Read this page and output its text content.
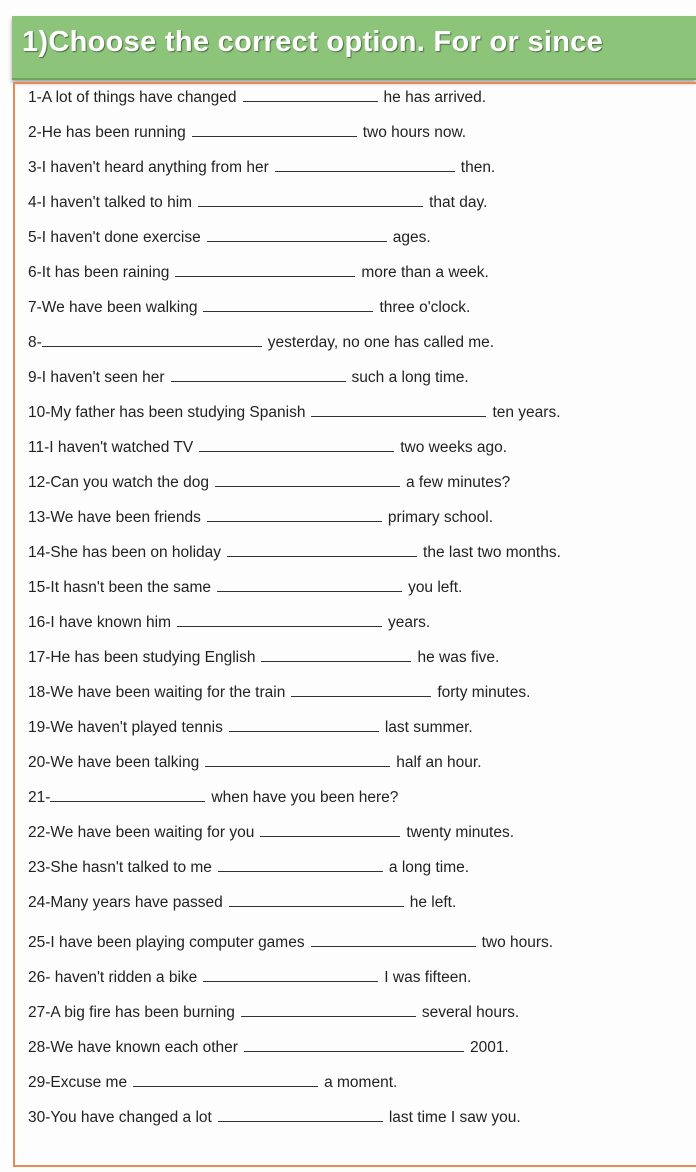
1)Choose the correct option. For or since
1-A lot of things have changed	he has arrived.
2-He has been running	two hours now.
3-I haven't heard anything from her	then.
4-I haven't talked to him	that day.
5-I haven't done exercise	ages.
6-It has been raining	more than a week.
7-We have been walking	three o'clock.
8-	yesterday, no one has called me.
9-I haven't seen her	such a long time.
10-My father has been studying Spanish	ten years.
11-I haven't watched TV	two weeks ago.
12-Can you watch the dog	a few minutes?
13-We have been friends	primary school.
14-She has been on holiday	the last two months.
15-It hasn't been the same	you left.
16-I have known him	years.
17-He has been studying English	he was five.
18-We have been waiting for the train	forty minutes.
19-We haven't played tennis	last summer.
20-We have been talking	half an hour.
21-	when have you been here?
22-We have been waiting for you	twenty minutes.
23-She hasn't talked to me	a long time.
24-Many years have passed	he left.
25-I have been playing computer games	two hours.
26- haven't ridden a bike	I was fifteen.
27-A big fire has been burning	several hours.
28-We have known each other	2001.
29-Excuse me	a moment.
30-You have changed a lot	last time I saw you.
